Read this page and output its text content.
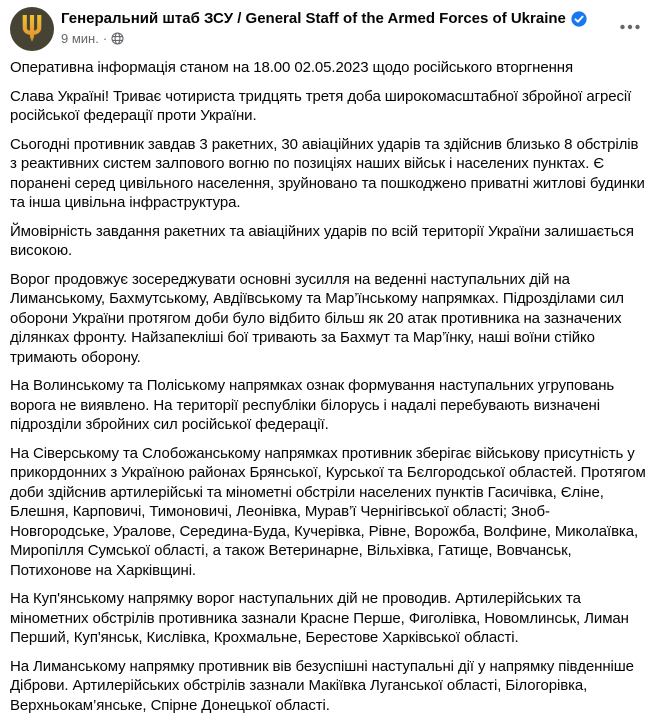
Генеральний штаб ЗСУ / General Staff of the Armed Forces of Ukraine
9 мин. ·

Оперативна інформація станом на 18.00 02.05.2023 щодо російського вторгнення

Слава Україні! Триває чотириста тридцять третя доба широкомасштабної збройної агресії російської федерації проти України.

Сьогодні противник завдав 3 ракетних, 30 авіаційних ударів та здійснив близько 8 обстрілів з реактивних систем залпового вогню по позиціях наших військ і населених пунктах. Є поранені серед цивільного населення, зруйновано та пошкоджено приватні житлові будинки та інша цивільна інфраструктура.

Ймовірність завдання ракетних та авіаційних ударів по всій території України залишається високою.

Ворог продовжує зосереджувати основні зусилля на веденні наступальних дій на Лиманському, Бахмутському, Авдіївському та Мар’їнському напрямках. Підрозділами сил оборони України протягом доби було відбито більш як 20 атак противника на зазначених ділянках фронту. Найзапекліші бої тривають за Бахмут та Мар’їнку, наші воїни стійко тримають оборону.

На Волинському та Поліському напрямках ознак формування наступальних угруповань ворога не виявлено. На території республіки білорусь і надалі перебувають визначені підрозділи збройних сил російської федерації.

На Сіверському та Слобожанському напрямках противник зберігає військову присутність у прикордонних з Україною районах Брянської, Курської та Бєлгородської областей. Протягом доби здійснив артилерійські та мінометні обстріли населених пунктів Гасичівка, Єліне, Блешня, Карповичі, Тимоновичі, Леонівка, Мурав’ї Чернігівської області; Зноб-Новгородське, Уралове, Середина-Буда, Кучерівка, Рівне, Ворожба, Волфине, Миколаївка, Миропілля Сумської області, а також Ветеринарне, Вільхівка, Гатище, Вовчанськ, Потихонове на Харківщині.

На Куп'янському напрямку ворог наступальних дій не проводив. Артилерійських та мінометних обстрілів противника зазнали Красне Перше, Фиголівка, Новомлинськ, Лиман Перший, Куп'янськ, Кислівка, Крохмальне, Берестове Харківської області.

На Лиманському напрямку противник вів безуспішні наступальні дії у напрямку південніше Діброви. Артилерійських обстрілів зазнали Макіївка Луганської області, Білогорівка, Верхньокам’янське, Спірне Донецької області.
